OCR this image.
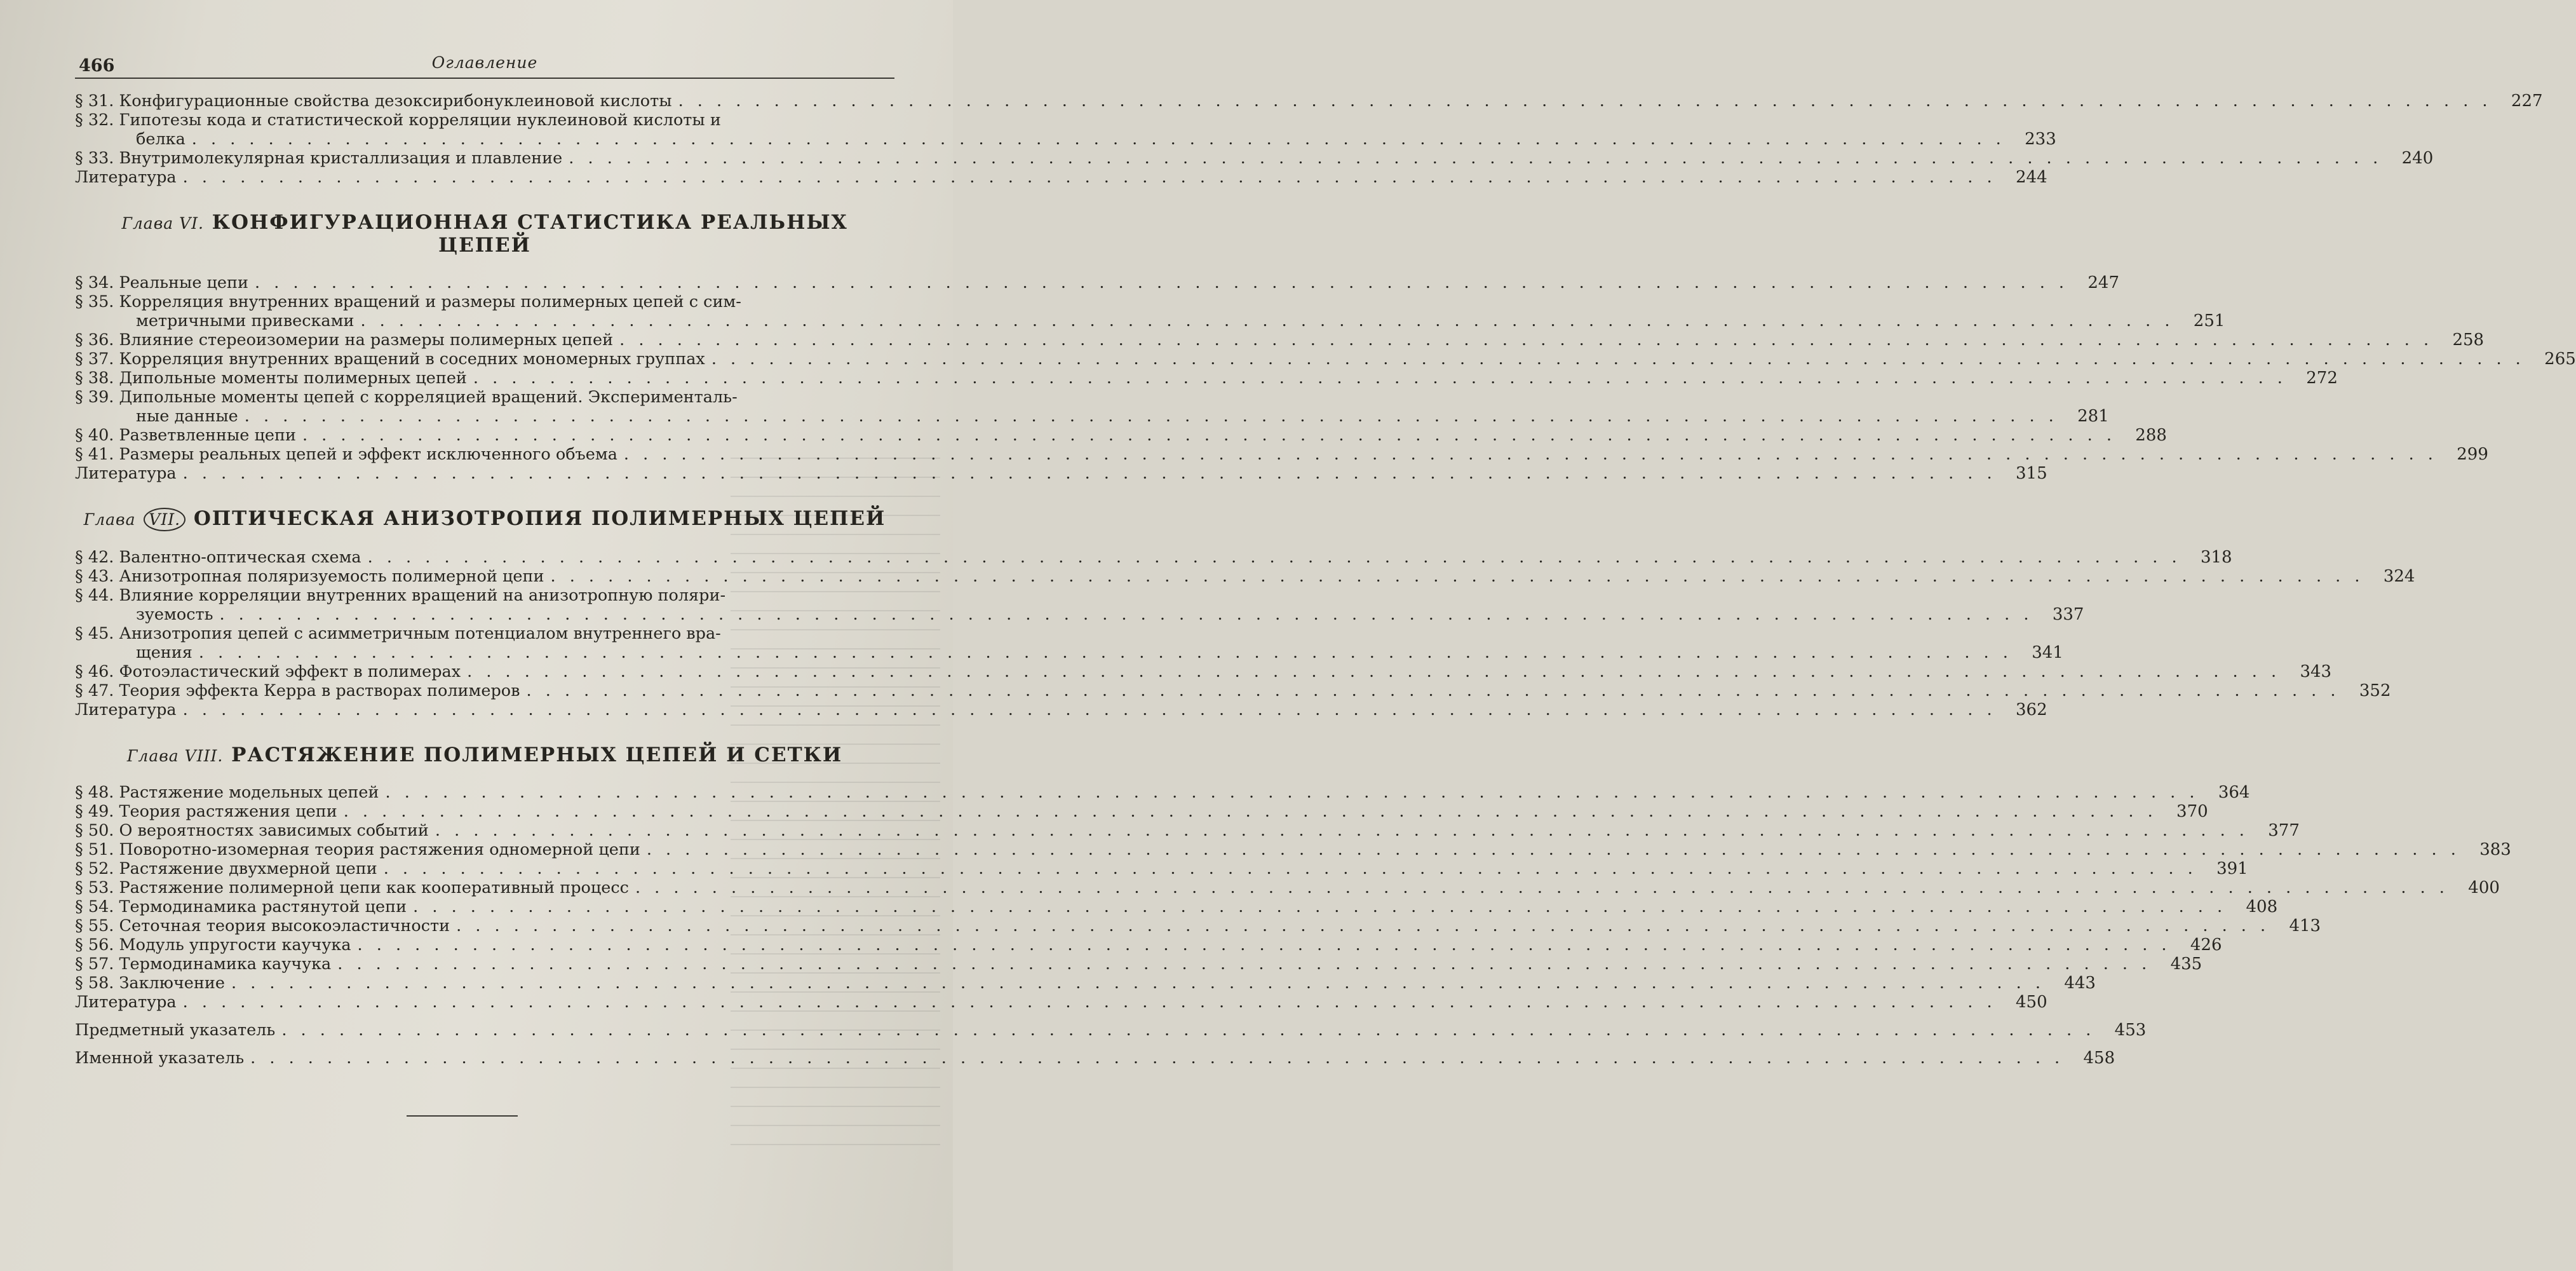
466	Оглавление
§ 31. Конфигурационные свойства дезоксирибонуклеиновой кислоты . . .	227
§ 32. Гипотезы кода и статистической корреляции нуклеиновой кислоты и
белка . . .	233
§ 33. Внутримолекулярная кристаллизация и плавление . . .	240
Литература . . .	244
Глава VI. КОНФИГУРАЦИОННАЯ СТАТИСТИКА РЕАЛЬНЫХ ЦЕПЕЙ
§ 34. Реальные цепи . . .	247
§ 35. Корреляция внутренних вращений и размеры полимерных цепей с сим-
метричными привесками . . .	251
§ 36. Влияние стереоизомерии на размеры полимерных цепей . . .	258
§ 37. Корреляция внутренних вращений в соседних мономерных группах . . .	265
§ 38. Дипольные моменты полимерных цепей . . .	272
§ 39. Дипольные моменты цепей с корреляцией вращений. Эксперименталь-
ные данные . . .	281
§ 40. Разветвленные цепи . . .	288
§ 41. Размеры реальных цепей и эффект исключенного объема . . .	299
Литература . . .	315
Глава VII. ОПТИЧЕСКАЯ АНИЗОТРОПИЯ ПОЛИМЕРНЫХ ЦЕПЕЙ
§ 42. Валентно-оптическая схема . . .	318
§ 43. Анизотропная поляризуемость полимерной цепи . . .	324
§ 44. Влияние корреляции внутренних вращений на анизотропную поляри-
зуемость . . .	337
§ 45. Анизотропия цепей с асимметричным потенциалом внутреннего вра-
щения . . .	341
§ 46. Фотоэластический эффект в полимерах . . .	343
§ 47. Теория эффекта Керра в растворах полимеров . . .	352
Литература . . .	362
Глава VIII. РАСТЯЖЕНИЕ ПОЛИМЕРНЫХ ЦЕПЕЙ И СЕТКИ
§ 48. Растяжение модельных цепей . . .	364
§ 49. Теория растяжения цепи . . .	370
§ 50. О вероятностях зависимых событий . . .	377
§ 51. Поворотно-изомерная теория растяжения одномерной цепи . . .	383
§ 52. Растяжение двухмерной цепи . . .	391
§ 53. Растяжение полимерной цепи как кооперативный процесс . . .	400
§ 54. Термодинамика растянутой цепи . . .	408
§ 55. Сеточная теория высокоэластичности . . .	413
§ 56. Модуль упругости каучука . . .	426
§ 57. Термодинамика каучука . . .	435
§ 58. Заключение . . .	443
Литература . . .	450
Предметный указатель . . .	453
Именной указатель . . .	458
